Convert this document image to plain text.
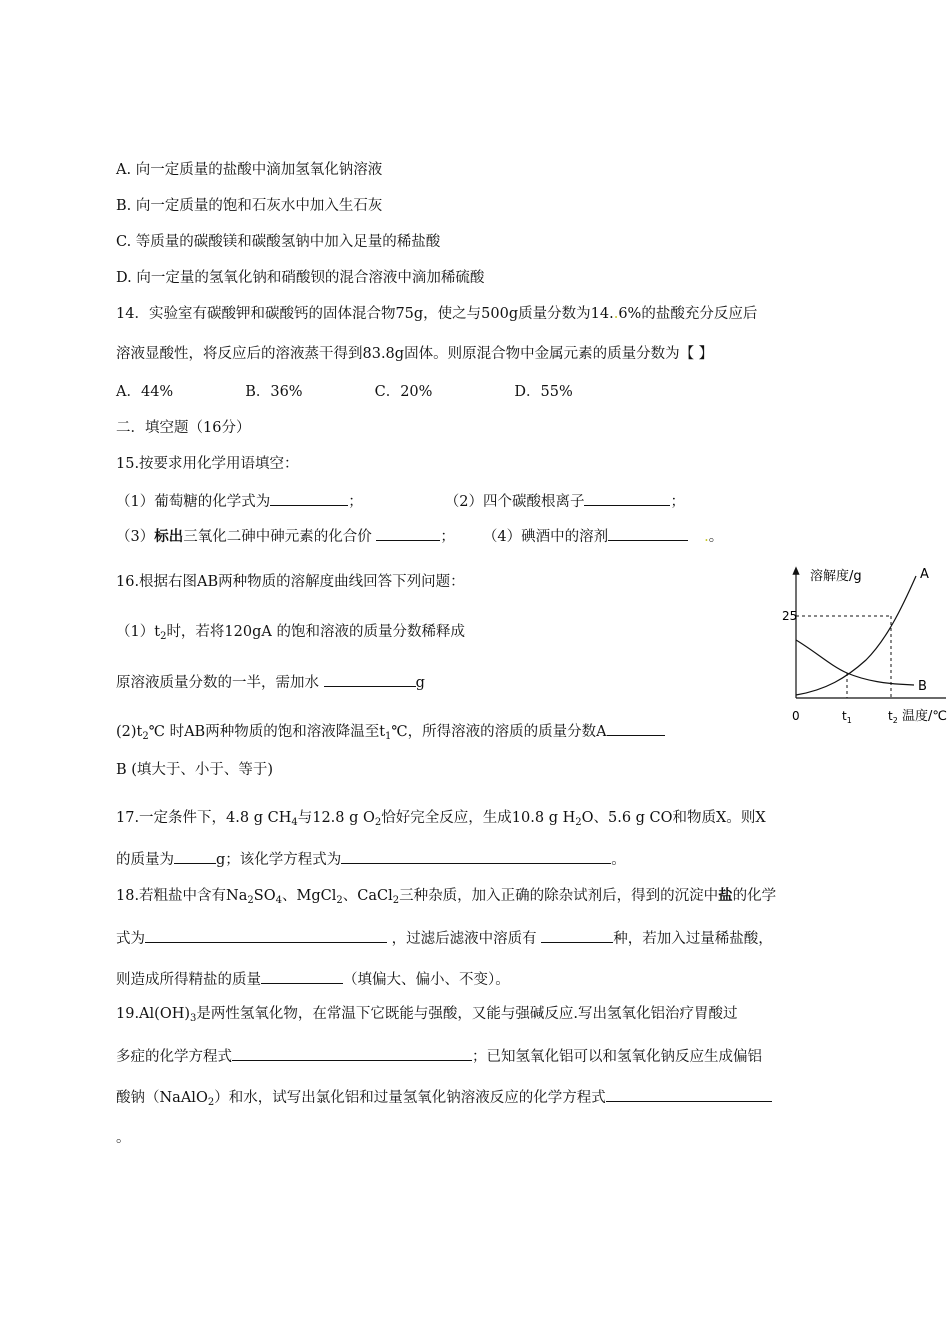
A. 向一定质量的盐酸中滴加氢氧化钠溶液
B. 向一定质量的饱和石灰水中加入生石灰
C. 等质量的碳酸镁和碳酸氢钠中加入足量的稀盐酸
D. 向一定量的氢氧化钠和硝酸钡的混合溶液中滴加稀硫酸
14．实验室有碳酸钾和碳酸钙的固体混合物75g，使之与500g质量分数为14..6%的盐酸充分反应后
溶液显酸性，将反应后的溶液蒸干得到83.8g固体。则原混合物中金属元素的质量分数为【 】
A．44%	B．36%	C．20%	D．55%
二．填空题（16分）
15.按要求用化学用语填空：
（1）葡萄糖的化学式为	；	（2）四个碳酸根离子	；
（3）标出三氧化二砷中砷元素的化合价	； （4）碘酒中的溶剂	.。
16.根据右图AB两种物质的溶解度曲线回答下列问题：
$(1)t_2$时，若将120gA 的饱和溶液的质量分数稀释成
原溶液质量分数的一半，需加水	g
$(2)t_2℃$ 时AB两种物质的饱和溶液降温至$t_1℃$，所得溶液的溶质的质量分数A
B (填大于、小于、等于)
溶解度/g
25
A
B
0	$t_1$	$t_2$ 温度/℃
17.一定条件下，4.8 g $CH_4$与12.8 g $O_2$恰好完全反应，生成10.8 g $H_2O$、5.6 g CO和物质X。则X
的质量为	g；该化学方程式为	。
18.若粗盐中含有$Na_2SO_4$、MgCl$_2$、CaCl$_2$三种杂质，加入正确的除杂试剂后，得到的沉淀中盐的化学
式为	，过滤后滤液中溶质有	种，若加入过量稀盐酸，
则造成所得精盐的质量	（填偏大、偏小、不变）。
$19.Al(OH)_3$是两性氢氧化物，在常温下它既能与强酸，又能与强碱反应.写出氢氧化铝治疗胃酸过
多症的化学方程式	；已知氢氧化铝可以和氢氧化钠反应生成偏铝
酸钠（NaAlO$_2$）和水，试写出氯化铝和过量氢氧化钠溶液反应的化学方程式
。
